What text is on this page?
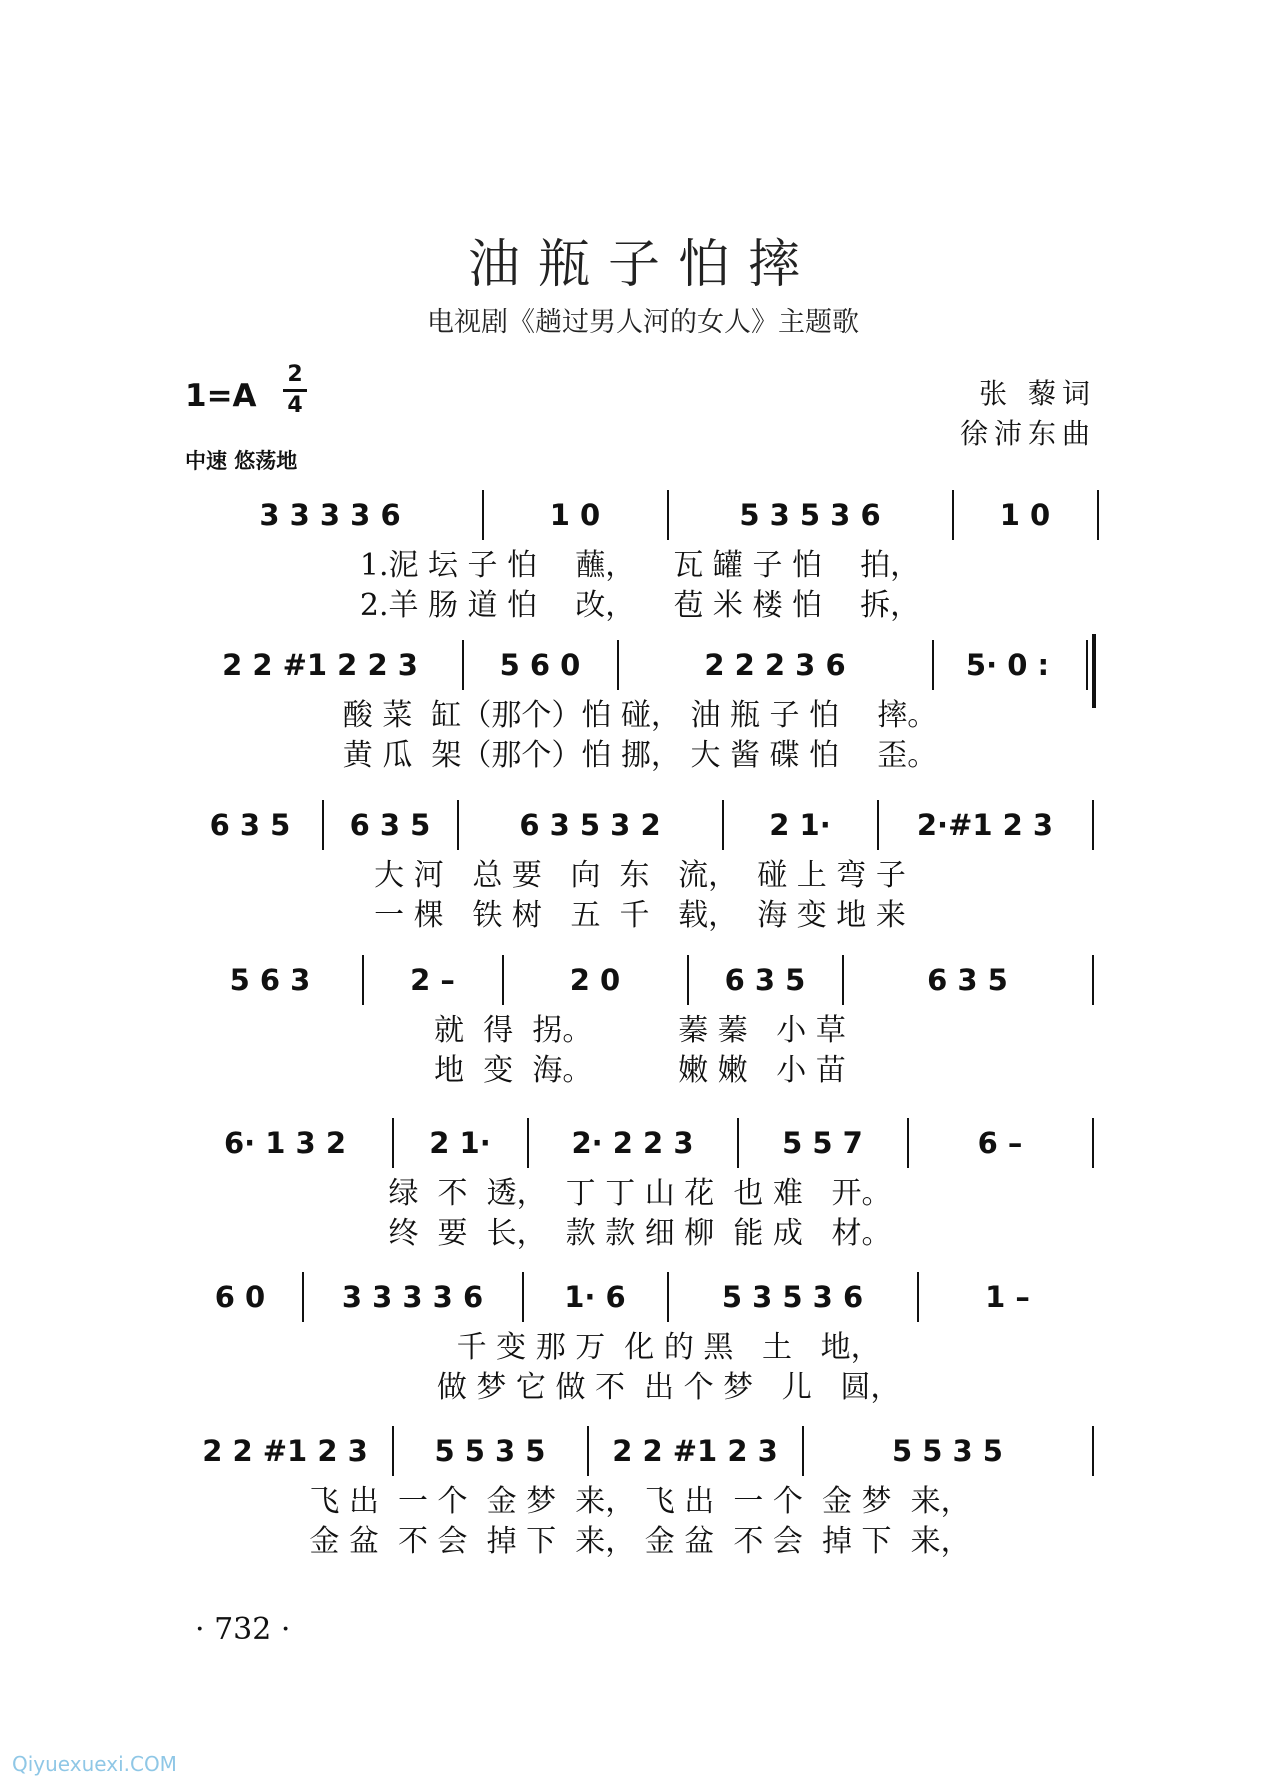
油瓶子怕摔
电视剧《趟过男人河的女人》主题歌
1=A
2
4	张 藜词
徐沛东曲
中速 悠荡地
3 3 3 3 6	1 0	5 3 5 3 6	1 0
1.泥 坛 子 怕    蘸，    瓦 罐 子 怕    拍，
2.羊 肠 道 怕    改，    苞 米 楼 怕    拆，
2 2 #1 2 2 3	5 6 0	2 2 2 3 6	5· 0 :
酸 菜  缸（那个）怕 碰， 油 瓶 子 怕    摔。
黄 瓜  架（那个）怕 挪， 大 酱 碟 怕    歪。
6 3 5	6 3 5	6 3 5 3 2	2 1·	2·#1 2 3
大 河   总 要   向  东   流，  碰 上 弯 子
一 棵   铁 树   五  千   载，  海 变 地 来
5 6 3	2 –	2 0	6 3 5	6 3 5
就  得  拐。         蓁 蓁   小 草
地  变  海。         嫩 嫩   小 苗
6· 1 3 2	2 1·	2· 2 2 3	5 5 7	6 –
绿  不  透，  丁 丁 山 花  也 难   开。
终  要  长，  款 款 细 柳  能 成   材。
6 0	3 3 3 3 6	1· 6	5 3 5 3 6	1 –
千 变 那 万  化 的 黑   土   地，
做 梦 它 做 不  出 个 梦   儿   圆，
2 2 #1 2 3	5 5 3 5	2 2 #1 2 3	5 5 3 5
飞 出  一 个  金 梦  来， 飞 出  一 个  金 梦  来，
金 盆  不 会  掉 下  来， 金 盆  不 会  掉 下  来，
· 732 ·
Qiyuexuexi.COM
